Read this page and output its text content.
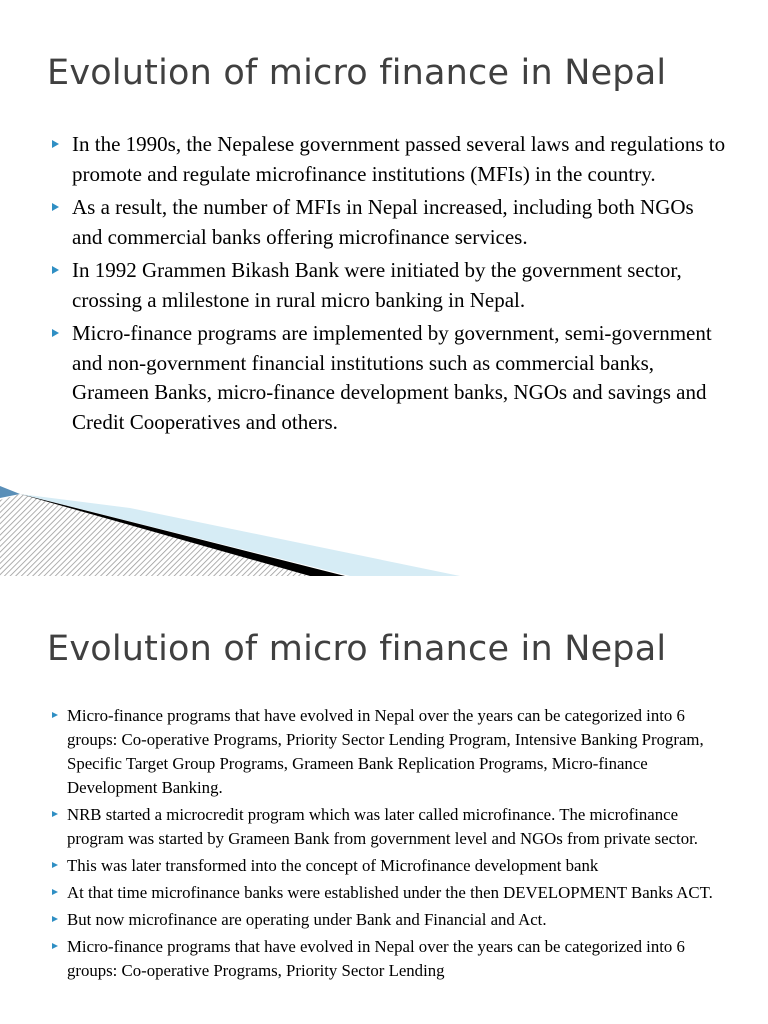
Evolution of micro finance in Nepal
In the 1990s, the Nepalese government passed several laws and regulations to promote and regulate microfinance institutions (MFIs) in the country.
As a result, the number of MFIs in Nepal increased, including both NGOs and commercial banks offering microfinance services.
In 1992 Grammen Bikash Bank were initiated by the government sector, crossing a mlilestone in rural micro banking in Nepal.
Micro-finance programs are implemented by government, semi-government and non-government financial institutions such as commercial banks, Grameen Banks, micro-finance development banks, NGOs and savings and Credit Cooperatives and others.
Evolution of micro finance in Nepal
Micro-finance programs that have evolved in Nepal over the years can be categorized into 6 groups: Co-operative Programs, Priority Sector Lending Program, Intensive Banking Program, Specific Target Group Programs, Grameen Bank Replication Programs, Micro-finance Development Banking.
NRB started a microcredit program which was later called microfinance. The microfinance program was started by Grameen Bank from government level and NGOs from private sector.
This was later transformed into the concept of Microfinance development bank
At that time microfinance banks were established under the then DEVELOPMENT Banks ACT.
But now microfinance are operating under Bank and Financial and Act.
Micro-finance programs that have evolved in Nepal over the years can be categorized into 6 groups: Co-operative Programs, Priority Sector Lending
